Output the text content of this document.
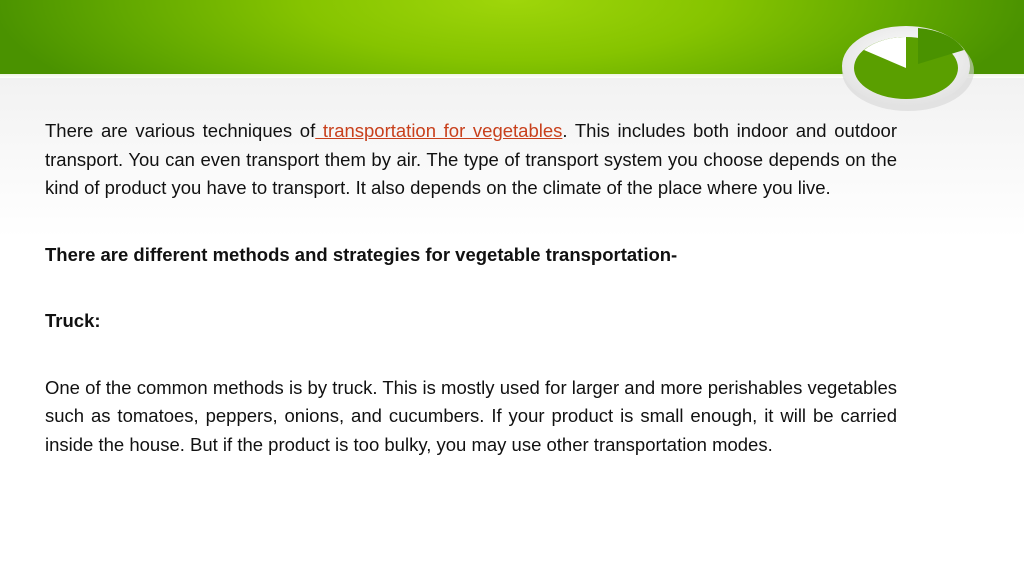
There are various techniques of transportation for vegetables. This includes both indoor and outdoor transport. You can even transport them by air. The type of transport system you choose depends on the kind of product you have to transport. It also depends on the climate of the place where you live.

There are different methods and strategies for vegetable transportation-

Truck:

One of the common methods is by truck. This is mostly used for larger and more perishables vegetables such as tomatoes, peppers, onions, and cucumbers. If your product is small enough, it will be carried inside the house. But if the product is too bulky, you may use other transportation modes.
